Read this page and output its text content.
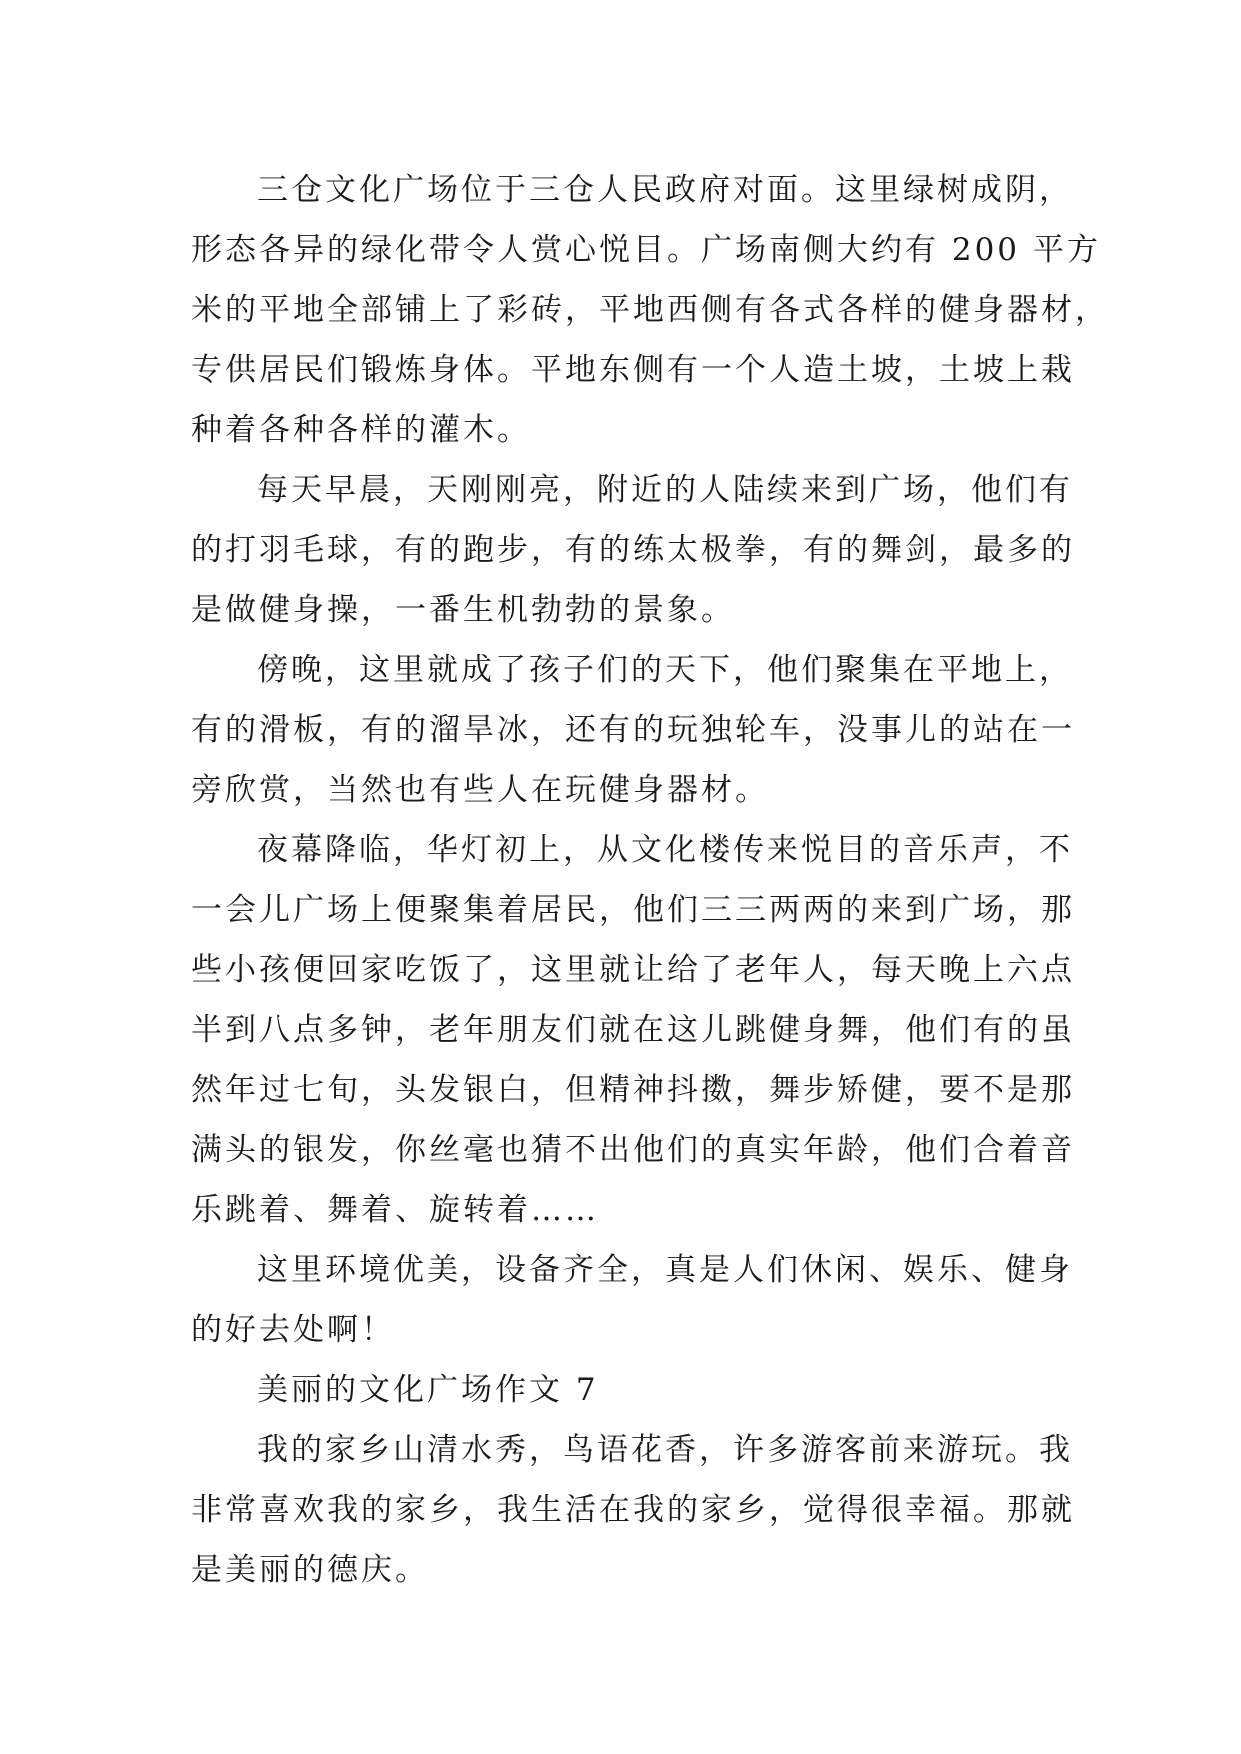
三仓文化广场位于三仓人民政府对面。这里绿树成阴，
形态各异的绿化带令人赏心悦目。广场南侧大约有 200 平方
米的平地全部铺上了彩砖，平地西侧有各式各样的健身器材，
专供居民们锻炼身体。平地东侧有一个人造土坡，土坡上栽
种着各种各样的灌木。
每天早晨，天刚刚亮，附近的人陆续来到广场，他们有
的打羽毛球，有的跑步，有的练太极拳，有的舞剑，最多的
是做健身操，一番生机勃勃的景象。
傍晚，这里就成了孩子们的天下，他们聚集在平地上，
有的滑板，有的溜旱冰，还有的玩独轮车，没事儿的站在一
旁欣赏，当然也有些人在玩健身器材。
夜幕降临，华灯初上，从文化楼传来悦目的音乐声，不
一会儿广场上便聚集着居民，他们三三两两的来到广场，那
些小孩便回家吃饭了，这里就让给了老年人，每天晚上六点
半到八点多钟，老年朋友们就在这儿跳健身舞，他们有的虽
然年过七旬，头发银白，但精神抖擞，舞步矫健，要不是那
满头的银发，你丝毫也猜不出他们的真实年龄，他们合着音
乐跳着、舞着、旋转着……
这里环境优美，设备齐全，真是人们休闲、娱乐、健身
的好去处啊！
美丽的文化广场作文 7
我的家乡山清水秀，鸟语花香，许多游客前来游玩。我
非常喜欢我的家乡，我生活在我的家乡，觉得很幸福。那就
是美丽的德庆。
